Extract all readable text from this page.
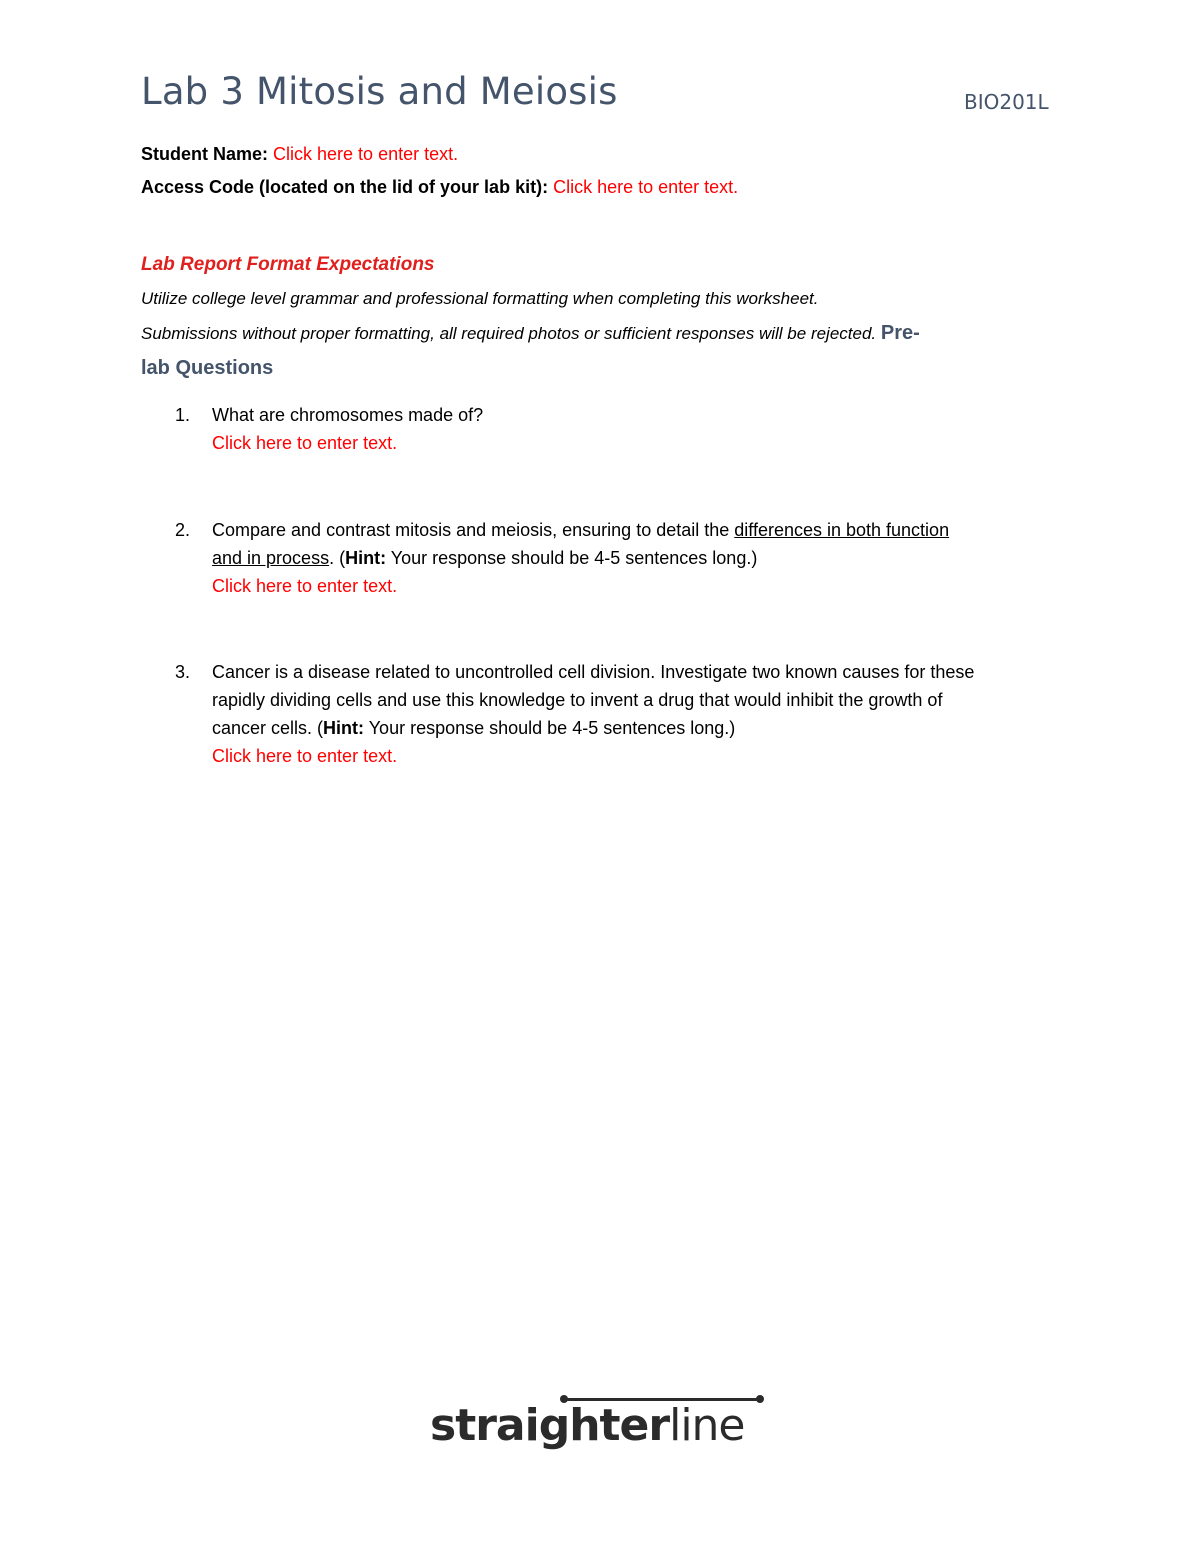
Lab 3 Mitosis and Meiosis	BIO201L
Student Name: Click here to enter text.
Access Code (located on the lid of your lab kit): Click here to enter text.
Lab Report Format Expectations
Utilize college level grammar and professional formatting when completing this worksheet.
Submissions without proper formatting, all required photos or sufficient responses will be rejected. Pre-
lab Questions
1. What are chromosomes made of?
Click here to enter text.
2. Compare and contrast mitosis and meiosis, ensuring to detail the differences in both function
and in process. (Hint: Your response should be 4-5 sentences long.)
Click here to enter text.
3. Cancer is a disease related to uncontrolled cell division. Investigate two known causes for these
rapidly dividing cells and use this knowledge to invent a drug that would inhibit the growth of
cancer cells. (Hint: Your response should be 4-5 sentences long.)
Click here to enter text.
straighterline
